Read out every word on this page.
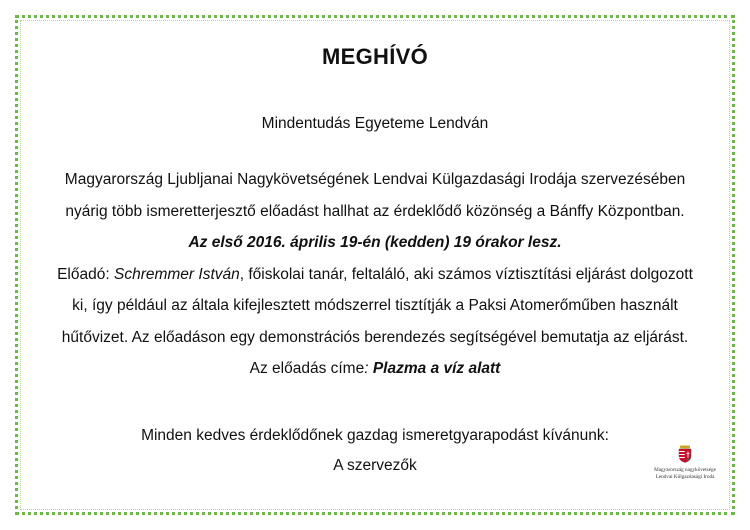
MEGHÍVÓ
Mindentudás Egyeteme Lendván
Magyarország Ljubljanai Nagykövetségének Lendvai Külgazdasági Irodája szervezésében
nyárig több ismeretterjesztő előadást hallhat az érdeklődő közönség a Bánffy Központban.
Az első 2016. április 19-én (kedden) 19 órakor lesz.
Előadó: Schremmer István, főiskolai tanár, feltaláló, aki számos víztisztítási eljárást dolgozott
ki, így például az általa kifejlesztett módszerrel tisztítják a Paksi Atomerőműben használt
hűtővizet. Az előadáson egy demonstrációs berendezés segítségével bemutatja az eljárást.
Az előadás címe: Plazma a víz alatt
Minden kedves érdeklődőnek gazdag ismeretgyarapodást kívánunk:
A szervezők	Magyarország nagykövetsége
Lendvai Külgazdasági Iroda
